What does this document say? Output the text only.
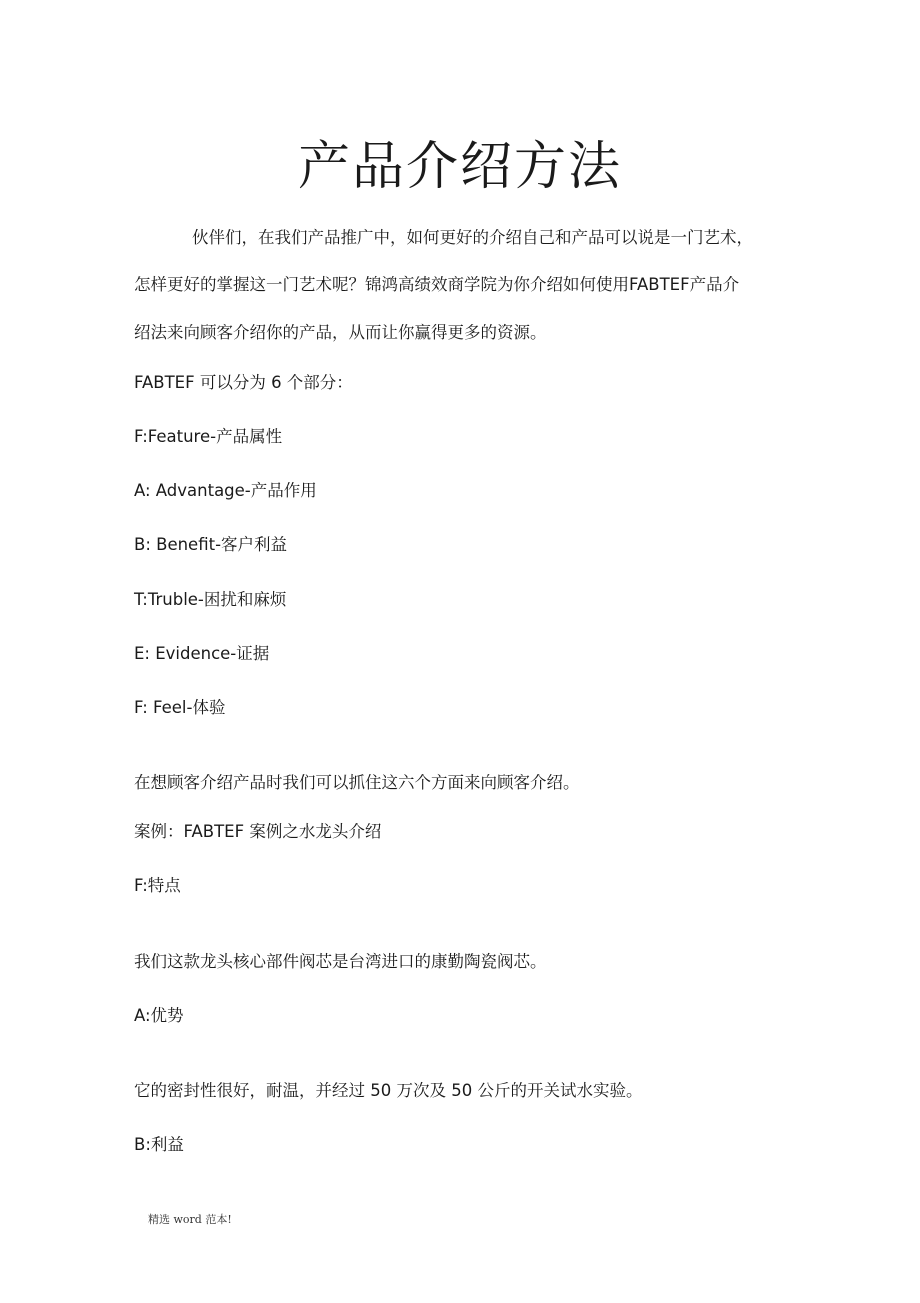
产品介绍方法

伙伴们，在我们产品推广中，如何更好的介绍自己和产品可以说是一门艺术，

怎样更好的掌握这一门艺术呢？锦鸿高绩效商学院为你介绍如何使用FABTEF产品介

绍法来向顾客介绍你的产品，从而让你赢得更多的资源。

FABTEF 可以分为 6 个部分：

F:Feature-产品属性

A: Advantage-产品作用

B: Benefit-客户利益

T:Truble-困扰和麻烦

E: Evidence-证据

F: Feel-体验

在想顾客介绍产品时我们可以抓住这六个方面来向顾客介绍。

案例：FABTEF 案例之水龙头介绍

F:特点

我们这款龙头核心部件阀芯是台湾进口的康勤陶瓷阀芯。

A:优势

它的密封性很好，耐温，并经过 50 万次及 50 公斤的开关试水实验。

B:利益

精选 word 范本!
